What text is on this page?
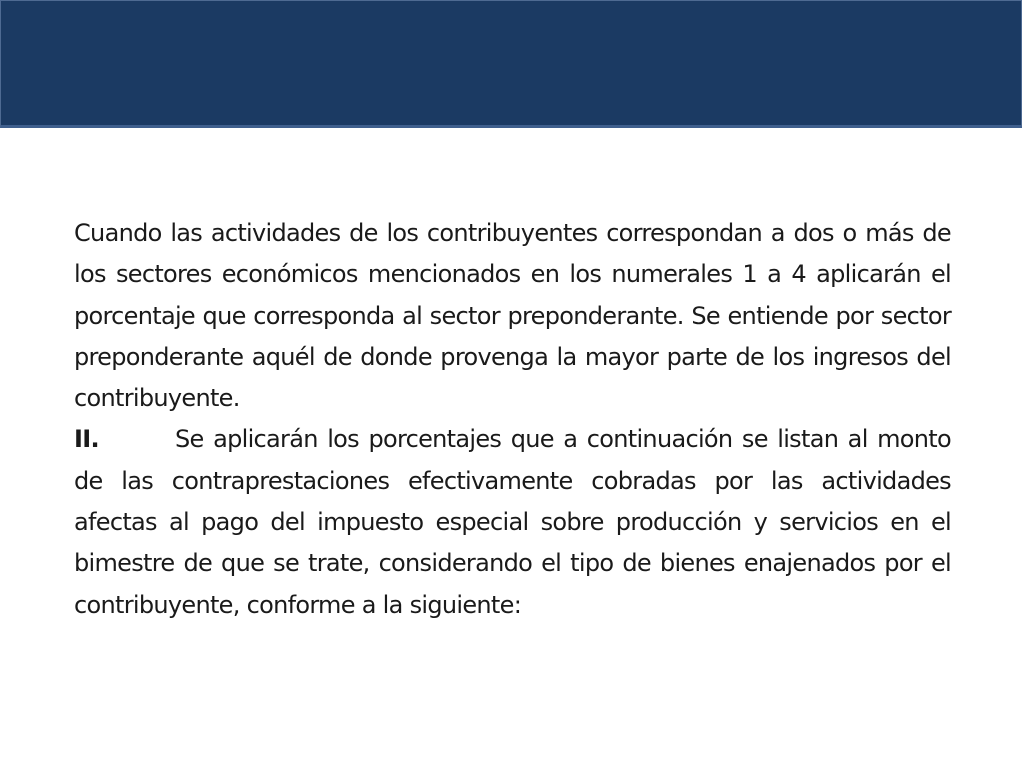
Cuando las actividades de los contribuyentes correspondan a dos o más de los sectores económicos mencionados en los numerales 1 a 4 aplicarán el porcentaje que corresponda al sector preponderante. Se entiende por sector preponderante aquél de donde provenga la mayor parte de los ingresos del contribuyente.

II.	Se aplicarán los porcentajes que a continuación se listan al monto de las contraprestaciones efectivamente cobradas por las actividades afectas al pago del impuesto especial sobre producción y servicios en el bimestre de que se trate, considerando el tipo de bienes enajenados por el contribuyente, conforme a la siguiente:
